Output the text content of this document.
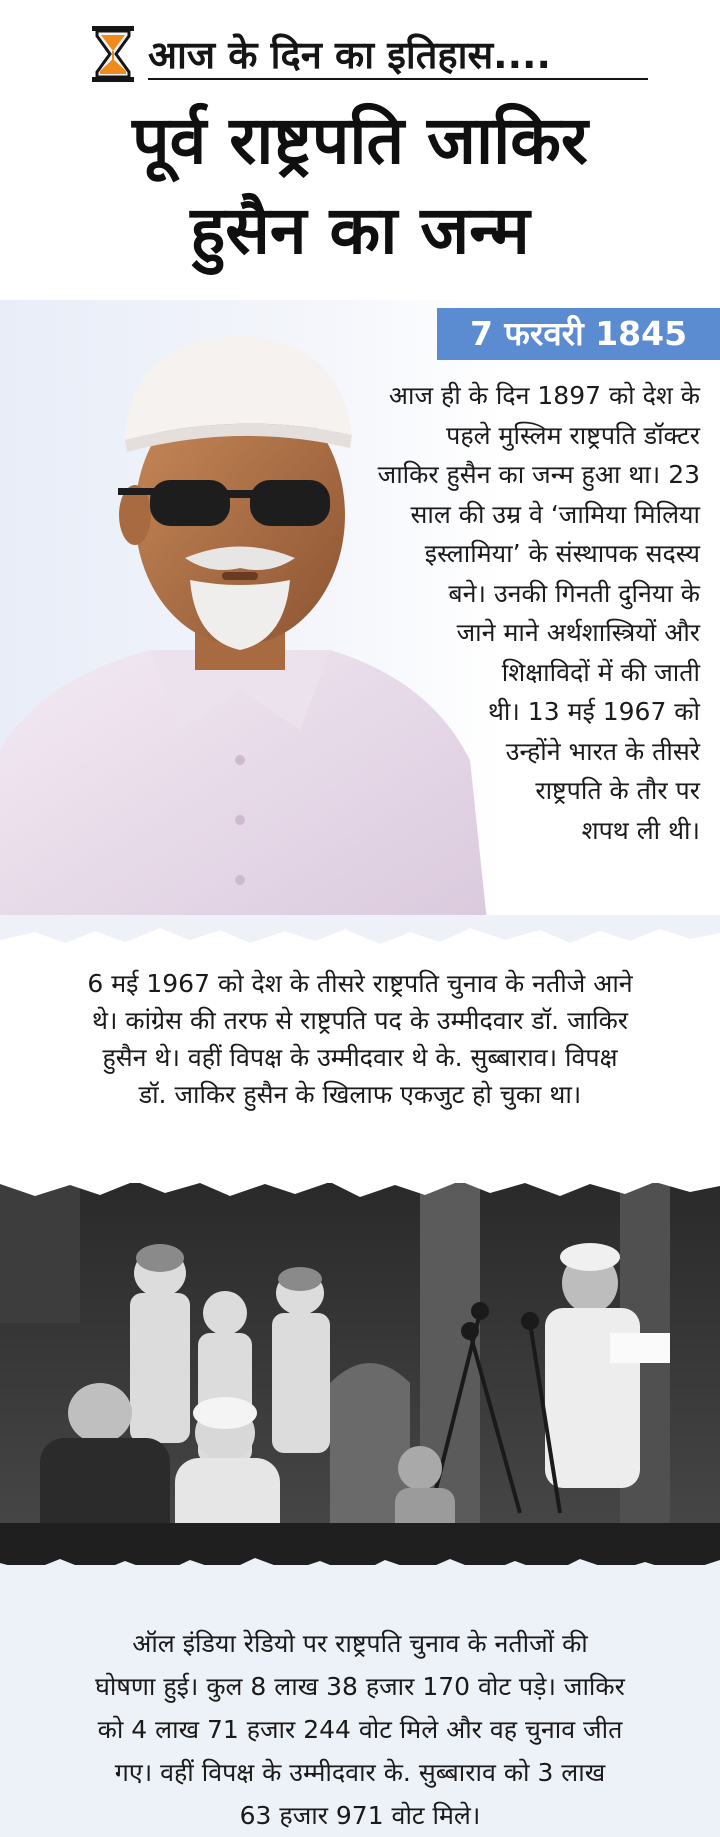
आज के दिन का इतिहास....
पूर्व राष्ट्रपति जाकिर
हुसैन का जन्म
7 फरवरी 1845
आज ही के दिन 1897 को देश के
पहले मुस्लिम राष्ट्रपति डॉक्टर
जाकिर हुसैन का जन्म हुआ था। 23
साल की उम्र वे ‘जामिया मिलिया
इस्लामिया’ के संस्थापक सदस्य
बने। उनकी गिनती दुनिया के
जाने माने अर्थशास्त्रियों और
शिक्षाविदों में की जाती
थी। 13 मई 1967 को
उन्होंने भारत के तीसरे
राष्ट्रपति के तौर पर
शपथ ली थी।
6 मई 1967 को देश के तीसरे राष्ट्रपति चुनाव के नतीजे आने
थे। कांग्रेस की तरफ से राष्ट्रपति पद के उम्मीदवार डॉ. जाकिर
हुसैन थे। वहीं विपक्ष के उम्मीदवार थे के. सुब्बाराव। विपक्ष
डॉ. जाकिर हुसैन के खिलाफ एकजुट हो चुका था।
ऑल इंडिया रेडियो पर राष्ट्रपति चुनाव के नतीजों की
घोषणा हुई। कुल 8 लाख 38 हजार 170 वोट पड़े। जाकिर
को 4 लाख 71 हजार 244 वोट मिले और वह चुनाव जीत
गए। वहीं विपक्ष के उम्मीदवार के. सुब्बाराव को 3 लाख
63 हजार 971 वोट मिले।
